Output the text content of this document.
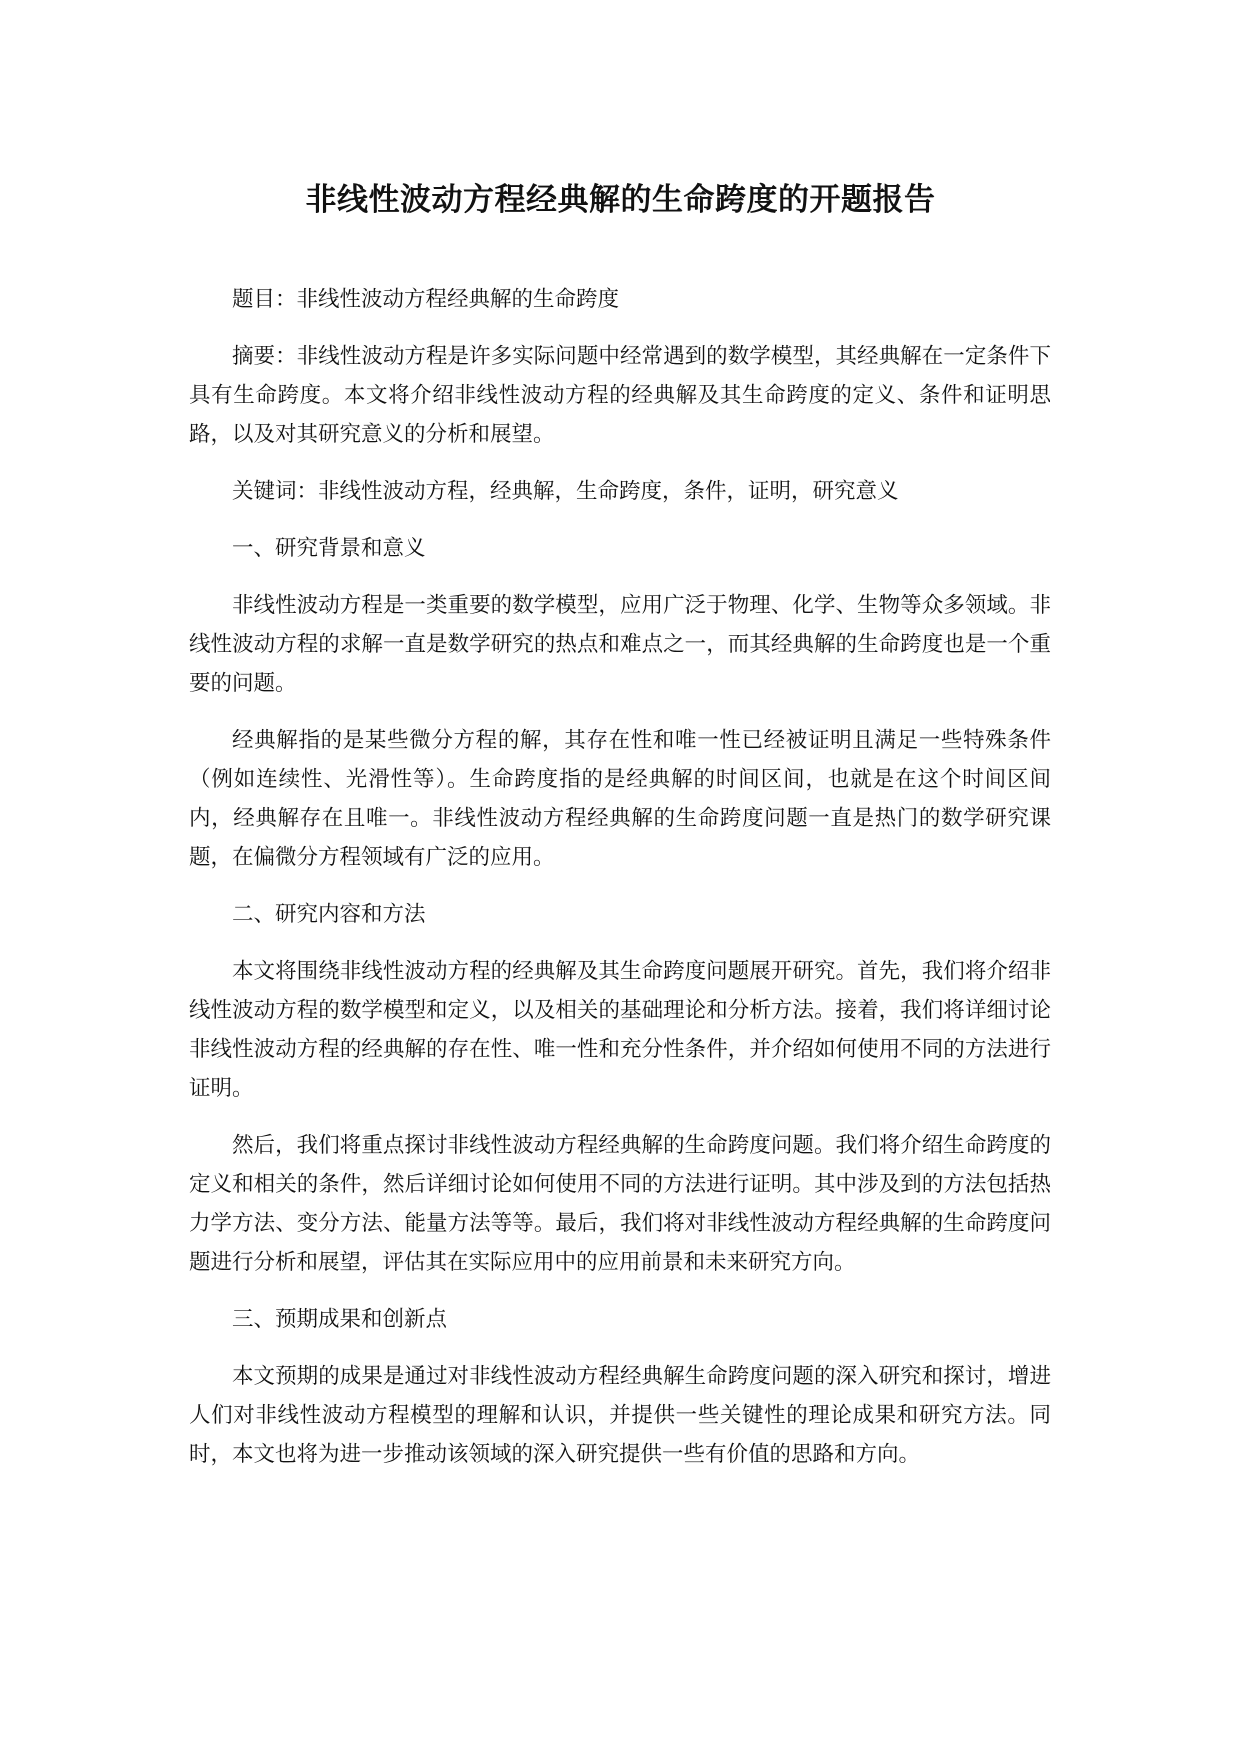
非线性波动方程经典解的生命跨度的开题报告

题目：非线性波动方程经典解的生命跨度

摘要：非线性波动方程是许多实际问题中经常遇到的数学模型，其经典解在一定条件下具有生命跨度。本文将介绍非线性波动方程的经典解及其生命跨度的定义、条件和证明思路，以及对其研究意义的分析和展望。

关键词：非线性波动方程，经典解，生命跨度，条件，证明，研究意义

一、研究背景和意义

非线性波动方程是一类重要的数学模型，应用广泛于物理、化学、生物等众多领域。非线性波动方程的求解一直是数学研究的热点和难点之一，而其经典解的生命跨度也是一个重要的问题。

经典解指的是某些微分方程的解，其存在性和唯一性已经被证明且满足一些特殊条件（例如连续性、光滑性等）。生命跨度指的是经典解的时间区间，也就是在这个时间区间内，经典解存在且唯一。非线性波动方程经典解的生命跨度问题一直是热门的数学研究课题，在偏微分方程领域有广泛的应用。

二、研究内容和方法

本文将围绕非线性波动方程的经典解及其生命跨度问题展开研究。首先，我们将介绍非线性波动方程的数学模型和定义，以及相关的基础理论和分析方法。接着，我们将详细讨论非线性波动方程的经典解的存在性、唯一性和充分性条件，并介绍如何使用不同的方法进行证明。

然后，我们将重点探讨非线性波动方程经典解的生命跨度问题。我们将介绍生命跨度的定义和相关的条件，然后详细讨论如何使用不同的方法进行证明。其中涉及到的方法包括热力学方法、变分方法、能量方法等等。最后，我们将对非线性波动方程经典解的生命跨度问题进行分析和展望，评估其在实际应用中的应用前景和未来研究方向。

三、预期成果和创新点

本文预期的成果是通过对非线性波动方程经典解生命跨度问题的深入研究和探讨，增进人们对非线性波动方程模型的理解和认识，并提供一些关键性的理论成果和研究方法。同时，本文也将为进一步推动该领域的深入研究提供一些有价值的思路和方向。
